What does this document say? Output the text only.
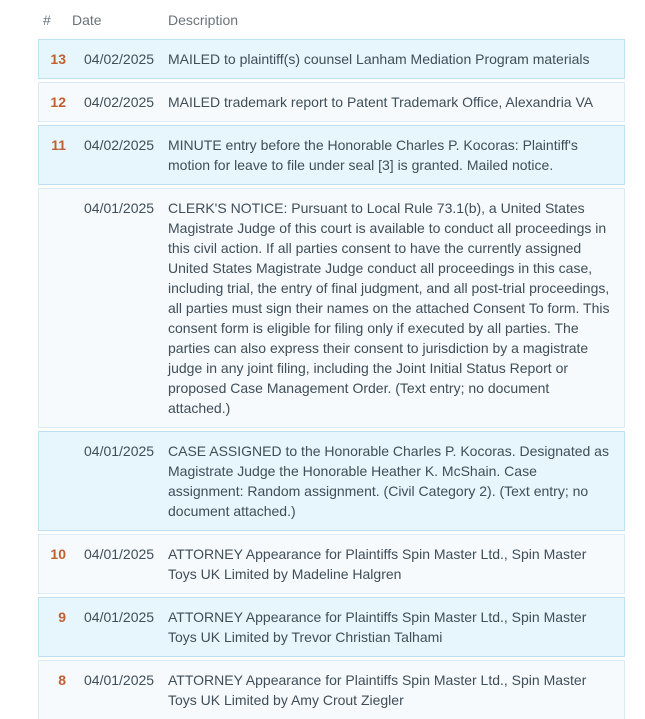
#	Date	Description
13 04/02/2025 MAILED to plaintiff(s) counsel Lanham Mediation Program materials
12 04/02/2025 MAILED trademark report to Patent Trademark Office, Alexandria VA
11 04/02/2025 MINUTE entry before the Honorable Charles P. Kocoras: Plaintiff's motion for leave to file under seal [3] is granted. Mailed notice.
04/01/2025 CLERK'S NOTICE: Pursuant to Local Rule 73.1(b), a United States Magistrate Judge of this court is available to conduct all proceedings in this civil action. If all parties consent to have the currently assigned United States Magistrate Judge conduct all proceedings in this case, including trial, the entry of final judgment, and all post-trial proceedings, all parties must sign their names on the attached Consent To form. This consent form is eligible for filing only if executed by all parties. The parties can also express their consent to jurisdiction by a magistrate judge in any joint filing, including the Joint Initial Status Report or proposed Case Management Order. (Text entry; no document attached.)
04/01/2025 CASE ASSIGNED to the Honorable Charles P. Kocoras. Designated as Magistrate Judge the Honorable Heather K. McShain. Case assignment: Random assignment. (Civil Category 2). (Text entry; no document attached.)
10 04/01/2025 ATTORNEY Appearance for Plaintiffs Spin Master Ltd., Spin Master Toys UK Limited by Madeline Halgren
9 04/01/2025 ATTORNEY Appearance for Plaintiffs Spin Master Ltd., Spin Master Toys UK Limited by Trevor Christian Talhami
8 04/01/2025 ATTORNEY Appearance for Plaintiffs Spin Master Ltd., Spin Master Toys UK Limited by Amy Crout Ziegler
